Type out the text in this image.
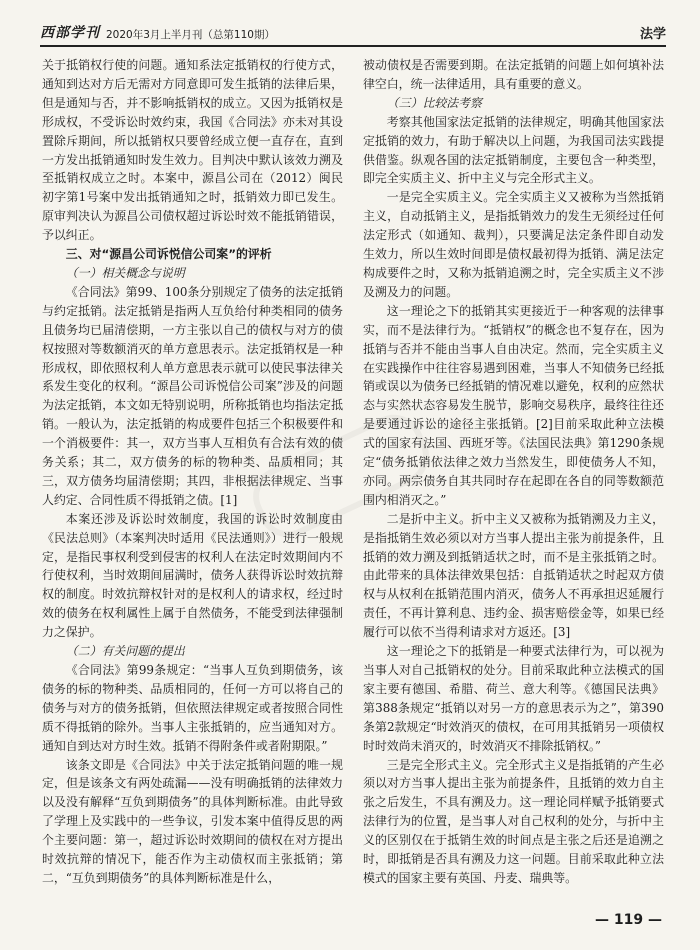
西部学刊 2020年3月上半月刊（总第110期）	法学

关于抵销权行使的问题。通知系法定抵销权的行使方式，通知到达对方后无需对方同意即可发生抵销的法律后果，但是通知与否，并不影响抵销权的成立。又因为抵销权是形成权，不受诉讼时效约束，我国《合同法》亦未对其设置除斥期间，所以抵销权只要曾经成立便一直存在，直到一方发出抵销通知时发生效力。目判决中默认该效力溯及至抵销权成立之时。本案中，源昌公司在（2012）闽民初字第1号案中发出抵销通知之时，抵销效力即已发生。原审判决认为源昌公司债权超过诉讼时效不能抵销错误，予以纠正。

三、对“源昌公司诉悦信公司案”的评析
（一）相关概念与说明

《合同法》第99、100条分别规定了债务的法定抵销与约定抵销。法定抵销是指两人互负给付种类相同的债务且债务均已届清偿期，一方主张以自己的债权与对方的债权按照对等数额消灭的单方意思表示。法定抵销权是一种形成权，即依照权利人单方意思表示就可以使民事法律关系发生变化的权利。“源昌公司诉悦信公司案”涉及的问题为法定抵销，本文如无特别说明，所称抵销也均指法定抵销。一般认为，法定抵销的构成要件包括三个积极要件和一个消极要件：其一，双方当事人互相负有合法有效的债务关系；其二，双方债务的标的物种类、品质相同；其三，双方债务均届清偿期；其四，非根据法律规定、当事人约定、合同性质不得抵销之债。[1]

本案还涉及诉讼时效制度，我国的诉讼时效制度由《民法总则》（本案判决时适用《民法通则》）进行一般规定，是指民事权利受到侵害的权利人在法定时效期间内不行使权利，当时效期间届满时，债务人获得诉讼时效抗辩权的制度。时效抗辩权针对的是权利人的请求权，经过时效的债务在权利属性上属于自然债务，不能受到法律强制力之保护。

（二）有关问题的提出

《合同法》第99条规定：“当事人互负到期债务，该债务的标的物种类、品质相同的，任何一方可以将自己的债务与对方的债务抵销，但依照法律规定或者按照合同性质不得抵销的除外。当事人主张抵销的，应当通知对方。通知自到达对方时生效。抵销不得附条件或者附期限。”

该条文即是《合同法》中关于法定抵销问题的唯一规定，但是该条文有两处疏漏——没有明确抵销的法律效力以及没有解释“互负到期债务”的具体判断标准。由此导致了学理上及实践中的一些争议，引发本案中值得反思的两个主要问题：第一，超过诉讼时效期间的债权在对方提出时效抗辩的情况下，能否作为主动债权而主张抵销；第二，“互负到期债务”的具体判断标准是什么，

被动债权是否需要到期。在法定抵销的问题上如何填补法律空白，统一法律适用，具有重要的意义。

（三）比较法考察

考察其他国家法定抵销的法律规定，明确其他国家法定抵销的效力，有助于解决以上问题，为我国司法实践提供借鉴。纵观各国的法定抵销制度，主要包含一种类型，即完全实质主义、折中主义与完全形式主义。

一是完全实质主义。完全实质主义又被称为当然抵销主义，自动抵销主义，是指抵销效力的发生无须经过任何法定形式（如通知、裁判），只要满足法定条件即自动发生效力，所以生效时间即是债权最初得为抵销、满足法定构成要件之时，又称为抵销追溯之时，完全实质主义不涉及溯及力的问题。

这一理论之下的抵销其实更接近于一种客观的法律事实，而不是法律行为。“抵销权”的概念也不复存在，因为抵销与否并不能由当事人自由决定。然而，完全实质主义在实践操作中往往容易遇到困难，当事人不知债务已经抵销或误以为债务已经抵销的情况难以避免，权利的应然状态与实然状态容易发生脱节，影响交易秩序，最终往往还是要通过诉讼的途径主张抵销。[2]目前采取此种立法模式的国家有法国、西班牙等。《法国民法典》第1290条规定“债务抵销依法律之效力当然发生，即使债务人不知，亦同。两宗债务自其共同时存在起即在各自的同等数额范围内相消灭之。”

二是折中主义。折中主义又被称为抵销溯及力主义，是指抵销生效必须以对方当事人提出主张为前提条件，且抵销的效力溯及到抵销适状之时，而不是主张抵销之时。由此带来的具体法律效果包括：自抵销适状之时起双方债权与从权利在抵销范围内消灭，债务人不再承担迟延履行责任，不再计算利息、违约金、损害赔偿金等，如果已经履行可以依不当得利请求对方返还。[3]

这一理论之下的抵销是一种要式法律行为，可以视为当事人对自己抵销权的处分。目前采取此种立法模式的国家主要有德国、希腊、荷兰、意大利等。《德国民法典》第388条规定“抵销以对另一方的意思表示为之”，第390条第2款规定“时效消灭的债权，在可用其抵销另一项债权时时效尚未消灭的，时效消灭不排除抵销权。”

三是完全形式主义。完全形式主义是指抵销的产生必须以对方当事人提出主张为前提条件，且抵销的效力自主张之后发生，不具有溯及力。这一理论同样赋予抵销要式法律行为的位置，是当事人对自己权利的处分，与折中主义的区别仅在于抵销生效的时间点是主张之后还是追溯之时，即抵销是否具有溯及力这一问题。目前采取此种立法模式的国家主要有英国、丹麦、瑞典等。

— 119 —
